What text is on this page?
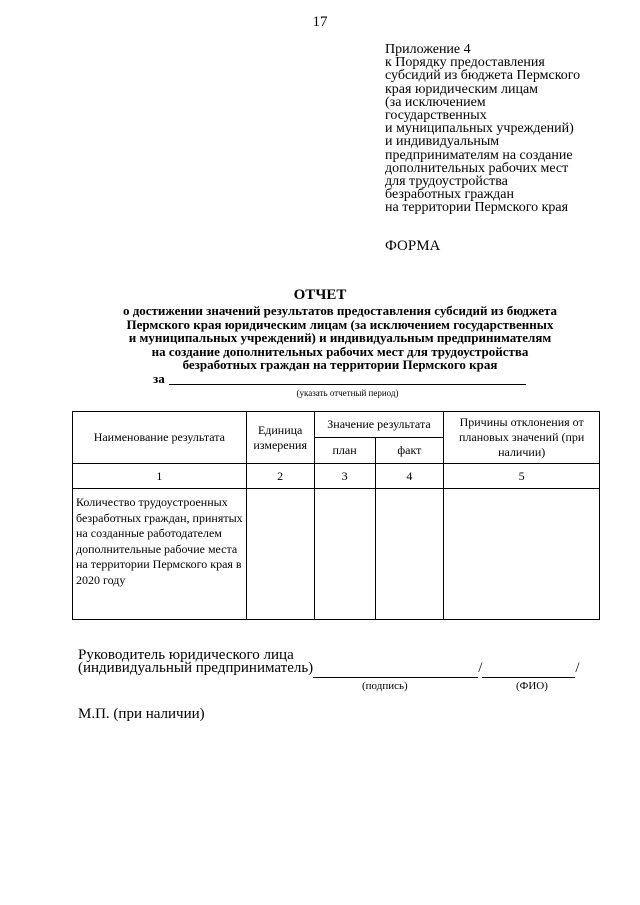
17
Приложение 4
к Порядку предоставления
субсидий из бюджета Пермского
края юридическим лицам
(за исключением
государственных
и муниципальных учреждений)
и индивидуальным
предпринимателям на создание
дополнительных рабочих мест
для трудоустройства
безработных граждан
на территории Пермского края
ФОРМА
ОТЧЕТ
о достижении значений результатов предоставления субсидий из бюджета
Пермского края юридическим лицам (за исключением государственных
и муниципальных учреждений) и индивидуальным предпринимателям
на создание дополнительных рабочих мест для трудоустройства
безработных граждан на территории Пермского края
за
(указать отчетный период)
Наименование результата	Единица измерения	Значение результата		Причины отклонения от плановых значений (при наличии)
		план	факт	
1	2	3	4	5
Количество трудоустроенных безработных граждан, принятых на созданные работодателем дополнительные рабочие места на территории Пермского края в 2020 году				
Руководитель юридического лица
(индивидуальный предприниматель)	/	/
(подпись)	(ФИО)
М.П. (при наличии)
